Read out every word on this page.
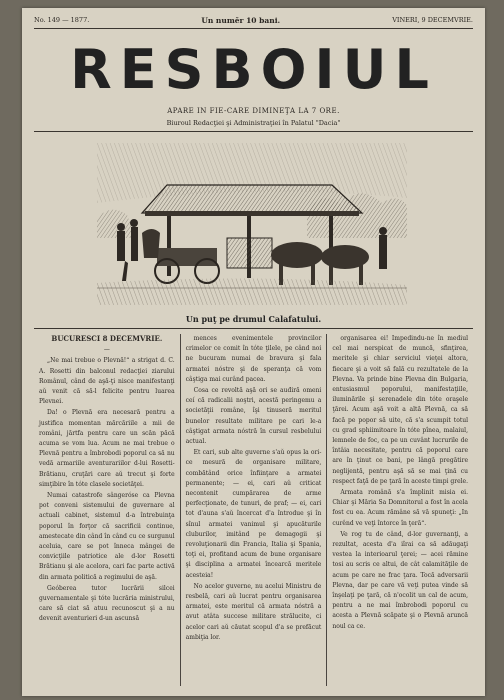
No. 149 — 1877.	Un numěr 10 bani.	VINERI, 9 DECEMVRIE.
RESBOIUL
APARE IN FIE-CARE DIMINEŢA LA 7 ORE.
Biuroul Redacţiei şi Administraţiei în Palatul "Dacia"
Un puţ pe drumul Calafatului.

BUCURESCI 8 DECEMVRIE.

—

„Ne mai trebue o Plevnă!“ a strigat d. C. A. Rosetti din balconul redacţiei ziarului Românul, când de aşă-ţi nisce manifestanţi aŭ venit că să-l felicite pentru luarea Plevnei.

Da! o Plevnă era necesară pentru a justifica momentan mărcăriile a mii de români, jărtfa pentru care un scăn păcă acuma se vom lua. Acum ne mai trebue o Plevnă pentru a îmbrobodi poporul ca să nu vedă armariile aventurariilor d-lui Rosetti-Brătianu, cruţări care aŭ trecut şi forte simţibire în tóte clasele societăţei.

Numai catastrofe sângeróse ca Plevna pot conveni sistemului de guvernare al actuali cabinet, sistemul d-a întrebuinţa poporul în forţor că sacrificii continue, amestecate din când în când cu ce surgunul aceluia, care se pot înneca mângei de convicţiile patriotice ale d-lor Rosetti Brătianu şi ale acelora, cari fac parte activă din armata politică a regimului de aşă.

Geóberea tutor lucrării silcei guvernamentale şi tóte lucrăria ministrului, care să ciat să atuu recunoscut şi a nu devenit aventurieri d-un ascunsă

mences evenimentele provincilor crimelor ce comit în tóte ţilele, pe când noi ne bucuram numai de bravura şi fala armatei nóstre şi de speranţa că vom câştiga mai curând pacea.

Cosa ce revoltă aşă ori se auđiră omeni ceí că radicalii noştri, acestă peringemu a societăţii române, îşi tinuseră meritul bunelor resultate militare pe cari le-a câştigat armata nóstră în cursul resbelului actual.

Et cari, sub alte guverne s'aŭ opus la ori-ce mesură de organisare militare, combătând orice înfiinţare a armatei permanente; — ei, cari aŭ criticat necontenit cumpărarea de arme perfecţionate, de tunuri, de praf; — ei, cari tot d'auna s'aŭ încercat d'a întrodue şi în sînul armatei vanimul şi apucăturile cluburilor, imitând pe demagogii şi revoluţionarii din Francia, Italia şi Spania, toţi ei, profitand acum de bune organisare şi disciplina a armatei încearcă meritele acesteia!

No acelor guverne, nu acelui Ministru de resbelă, cari aŭ lucrat pentru organisarea armatei, este meritul că armata nóstră a avut atâta succese militare strălucite, ci acelor cari aŭ căutat scopul d'a se prefăcut ambiţia lor.

organisarea ei! Impedindu-ne în mediul cel mai nerspicat de muncă, sfinţirea, meritele şi chiar serviciul vieţei altora, fiecare şi a voit să fală cu rezultatele de la Plevna. Va prinde bine Plevna din Bulgaria, entusiasmul poporului, manifestaţiile, iluminările şi serenadele din tóte oraşele ţărei. Acum aşă voit a altă Plevnă, ca să facă pe popor să uite, că s'a scumpit totul cu grad sphiimitoare în tóte pînea, malaiul, lemnele de foc, ca pe un cuvânt lucrurile de întâia necesitate, pentru că poporul care are în ţinut ce bani, pe lângă pregătire neglijentă, pentru aşă să se mai ţină cu respect faţă de pe ţară în aceste timpi grele.

Armata română s'a împlinit misia ei. Chiar şi Măria Sa Domnitorul a fost în acela fost cu ea. Acum rămâne să vă spuneţi: „In curênd ve veţi întorce în ţeră“.

Ve rog tu de când, d-lor guvernanţi, a rezultat, acesta d'a iîrai ca să adăugaţi vestea la interioarul ţerei; — acei rămine tosi au scris ce altui, de cât calamităţile de acum pe care ne frac ţara. Tocă adversarii Plevna, dar pe care vă veţi putea vinde să înşelaţi pe ţară, că n'ocolit un cal de acum, pentru a ne mai îmbrobodi poporul cu acesta a Plevnă scăpate şi o Plevnă aruncă noul ca ce.
